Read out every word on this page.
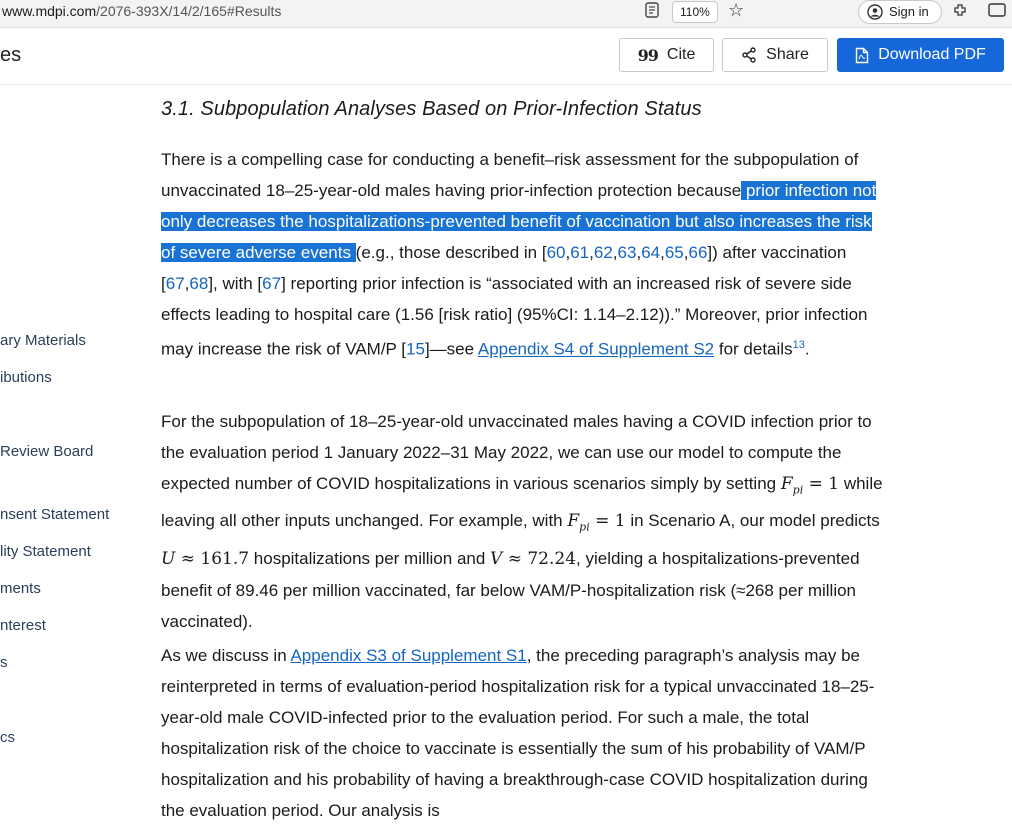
www.mdpi.com/2076-393X/14/2/165#Results	110%	☆	Sign in
es	99 Cite	Share	Download PDF
ary Materials
ibutions
Review Board
nsent Statement
lity Statement
ments
nterest
s
cs
3.1. Subpopulation Analyses Based on Prior-Infection Status

There is a compelling case for conducting a benefit–risk assessment for the subpopulation of unvaccinated 18–25-year-old males having prior-infection protection because prior infection not only decreases the hospitalizations-prevented benefit of vaccination but also increases the risk of severe adverse events (e.g., those described in [60,61,62,63,64,65,66]) after vaccination [67,68], with [67] reporting prior infection is “associated with an increased risk of severe side effects leading to hospital care (1.56 [risk ratio] (95%CI: 1.14–2.12)).” Moreover, prior infection may increase the risk of VAM/P [15]—see Appendix S4 of Supplement S2 for details$^{13}$.

For the subpopulation of 18–25-year-old unvaccinated males having a COVID infection prior to the evaluation period 1 January 2022–31 May 2022, we can use our model to compute the expected number of COVID hospitalizations in various scenarios simply by setting $F_{pi} = 1$ while leaving all other inputs unchanged. For example, with $F_{pi} = 1$ in Scenario A, our model predicts U ≈ 161.7 hospitalizations per million and V ≈ 72.24, yielding a hospitalizations-prevented benefit of 89.46 per million vaccinated, far below VAM/P-hospitalization risk (≈268 per million vaccinated).

As we discuss in Appendix S3 of Supplement S1, the preceding paragraph’s analysis may be reinterpreted in terms of evaluation-period hospitalization risk for a typical unvaccinated 18–25-year-old male COVID-infected prior to the evaluation period. For such a male, the total hospitalization risk of the choice to vaccinate is essentially the sum of his probability of VAM/P hospitalization and his probability of having a breakthrough-case COVID hospitalization during the evaluation period. Our analysis is
